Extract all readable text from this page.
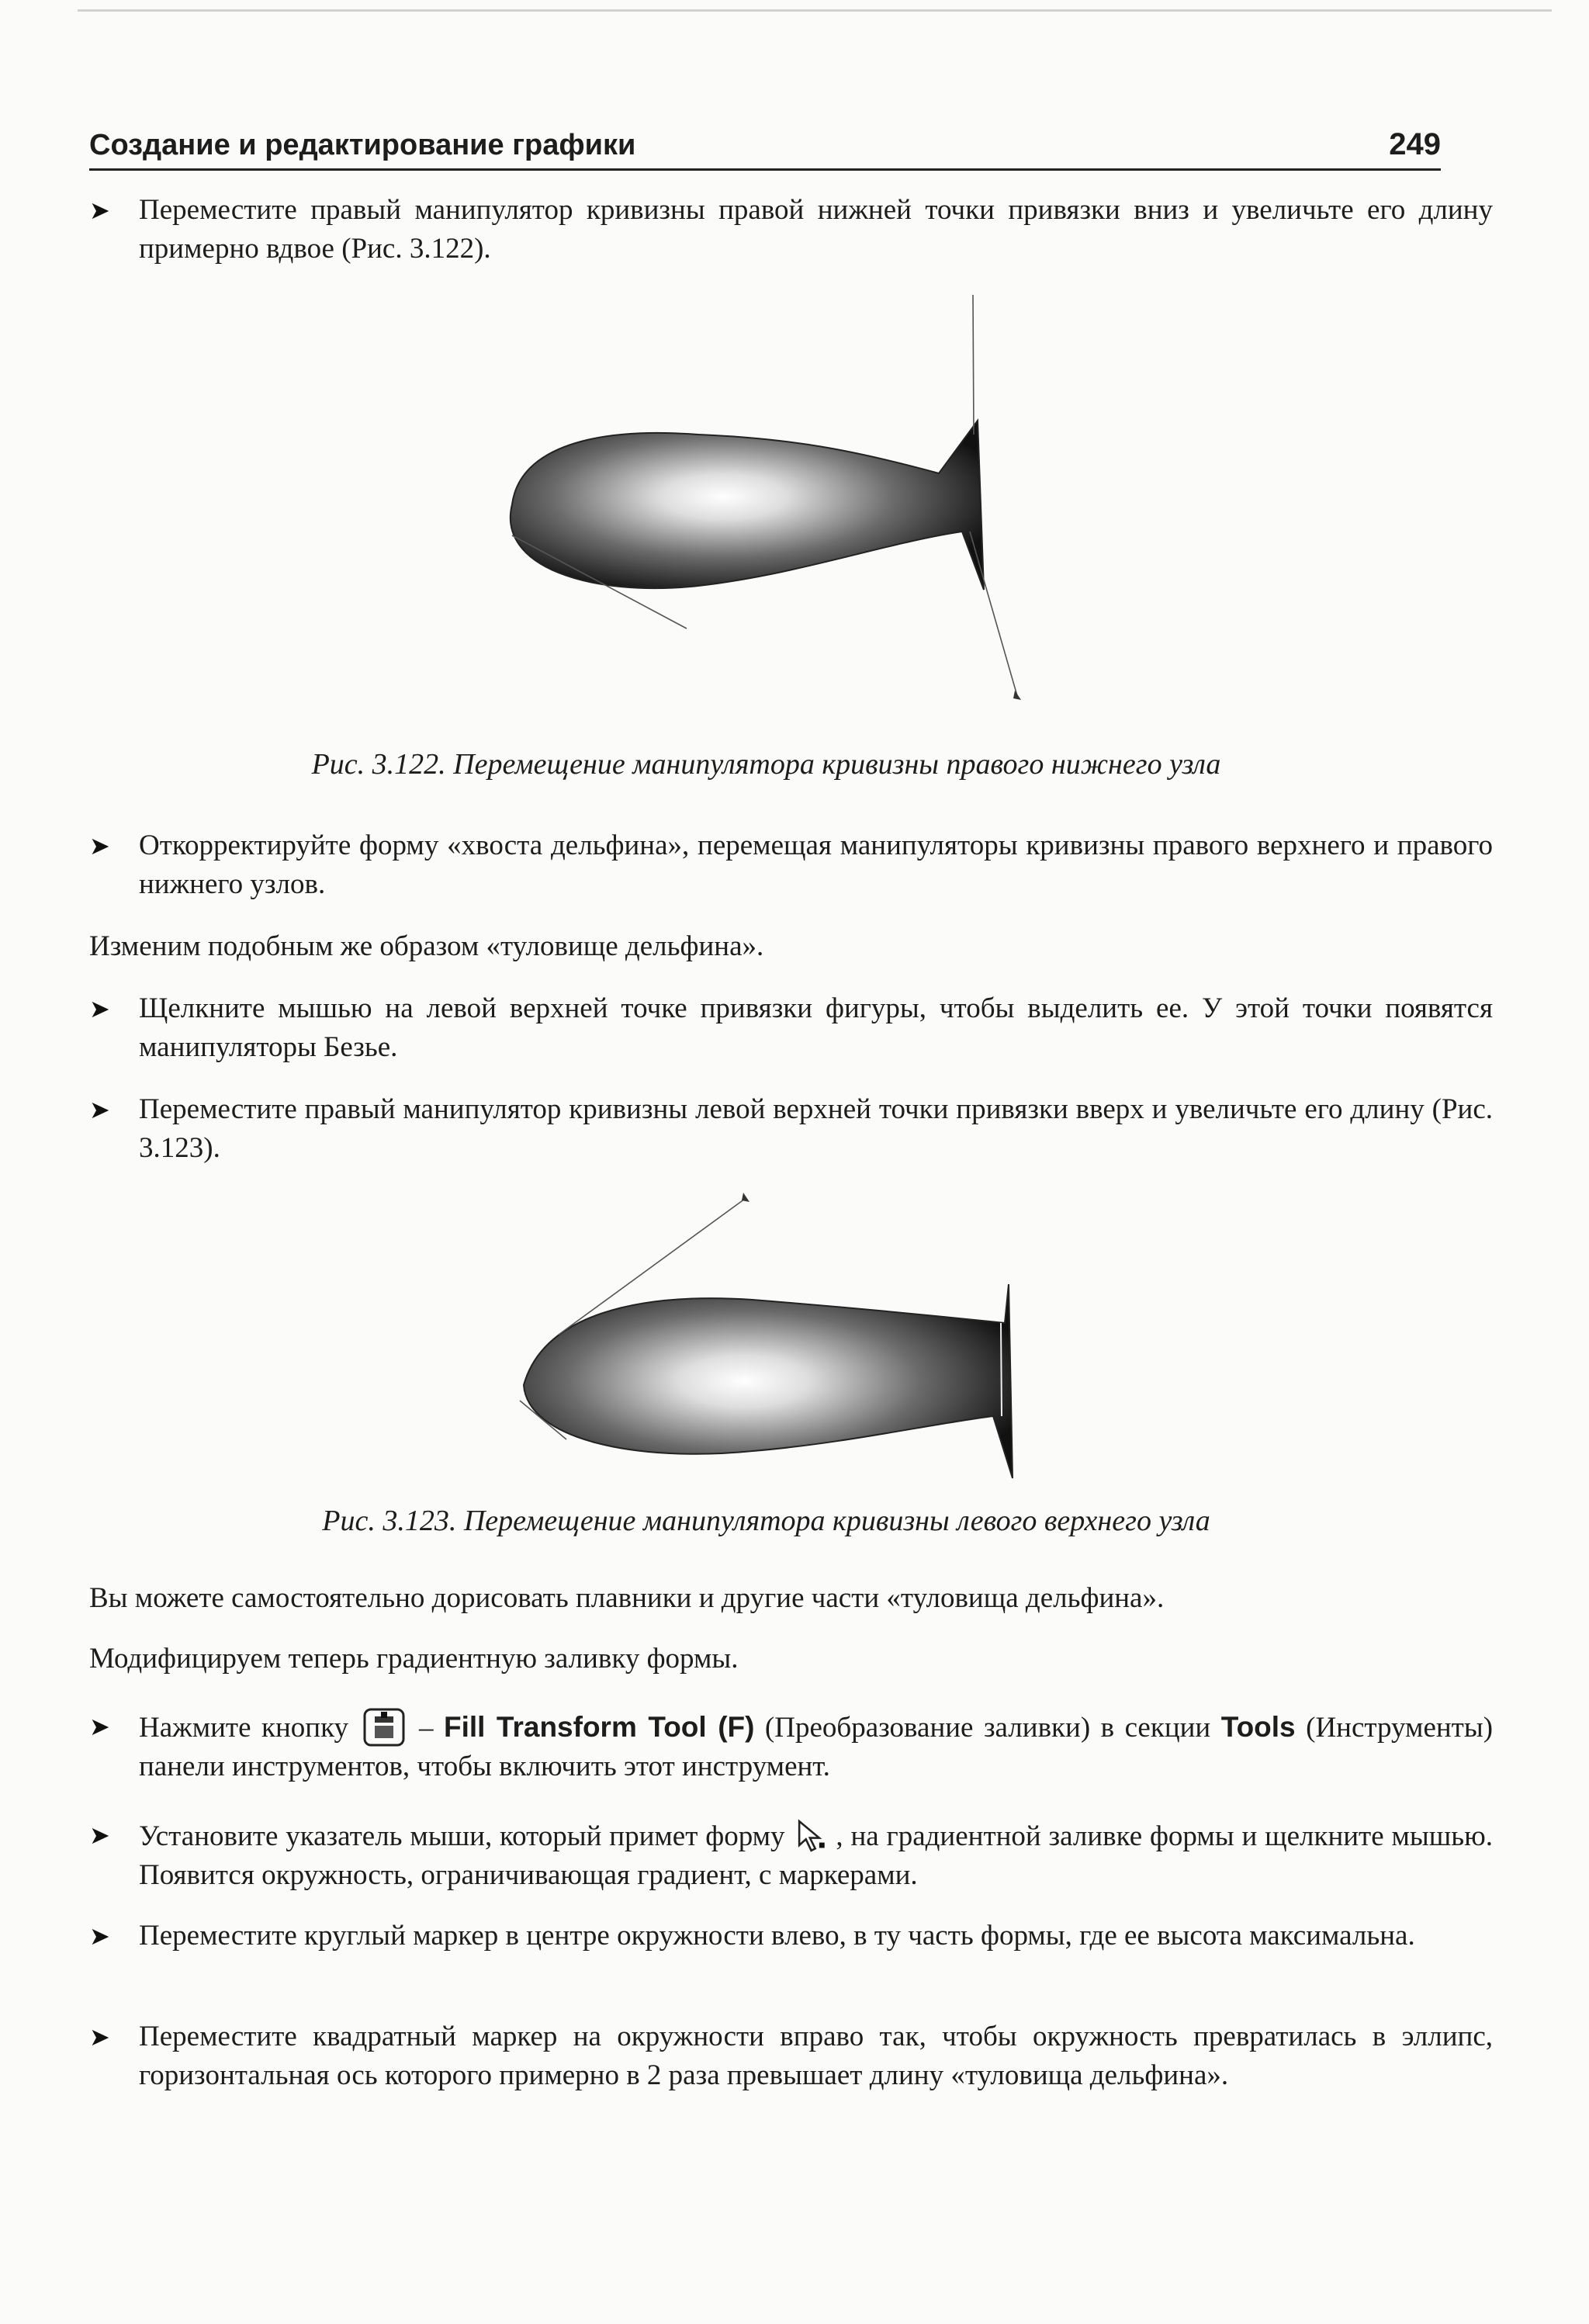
Создание и редактирование графики	249
➤ Переместите правый манипулятор кривизны правой нижней точки привязки вниз и увеличьте его длину примерно вдвое (Рис. 3.122).
Рис. 3.122. Перемещение манипулятора кривизны правого нижнего узла
➤ Откорректируйте форму «хвоста дельфина», перемещая манипуляторы кривизны правого верхнего и правого нижнего узлов.
Изменим подобным же образом «туловище дельфина».
➤ Щелкните мышью на левой верхней точке привязки фигуры, чтобы выделить ее. У этой точки появятся манипуляторы Безье.
➤ Переместите правый манипулятор кривизны левой верхней точки привязки вверх и увеличьте его длину (Рис. 3.123).
Рис. 3.123. Перемещение манипулятора кривизны левого верхнего узла
Вы можете самостоятельно дорисовать плавники и другие части «туловища дельфина».
Модифицируем теперь градиентную заливку формы.
➤ Нажмите кнопку  – Fill Transform Tool (F) (Преобразование заливки) в секции Tools (Инструменты) панели инструментов, чтобы включить этот инструмент.
➤ Установите указатель мыши, который примет форму , на градиентной заливке формы и щелкните мышью. Появится окружность, ограничивающая градиент, с маркерами.
➤ Переместите круглый маркер в центре окружности влево, в ту часть формы, где ее высота максимальна.
➤ Переместите квадратный маркер на окружности вправо так, чтобы окружность превратилась в эллипс, горизонтальная ось которого примерно в 2 раза превышает длину «туловища дельфина».
